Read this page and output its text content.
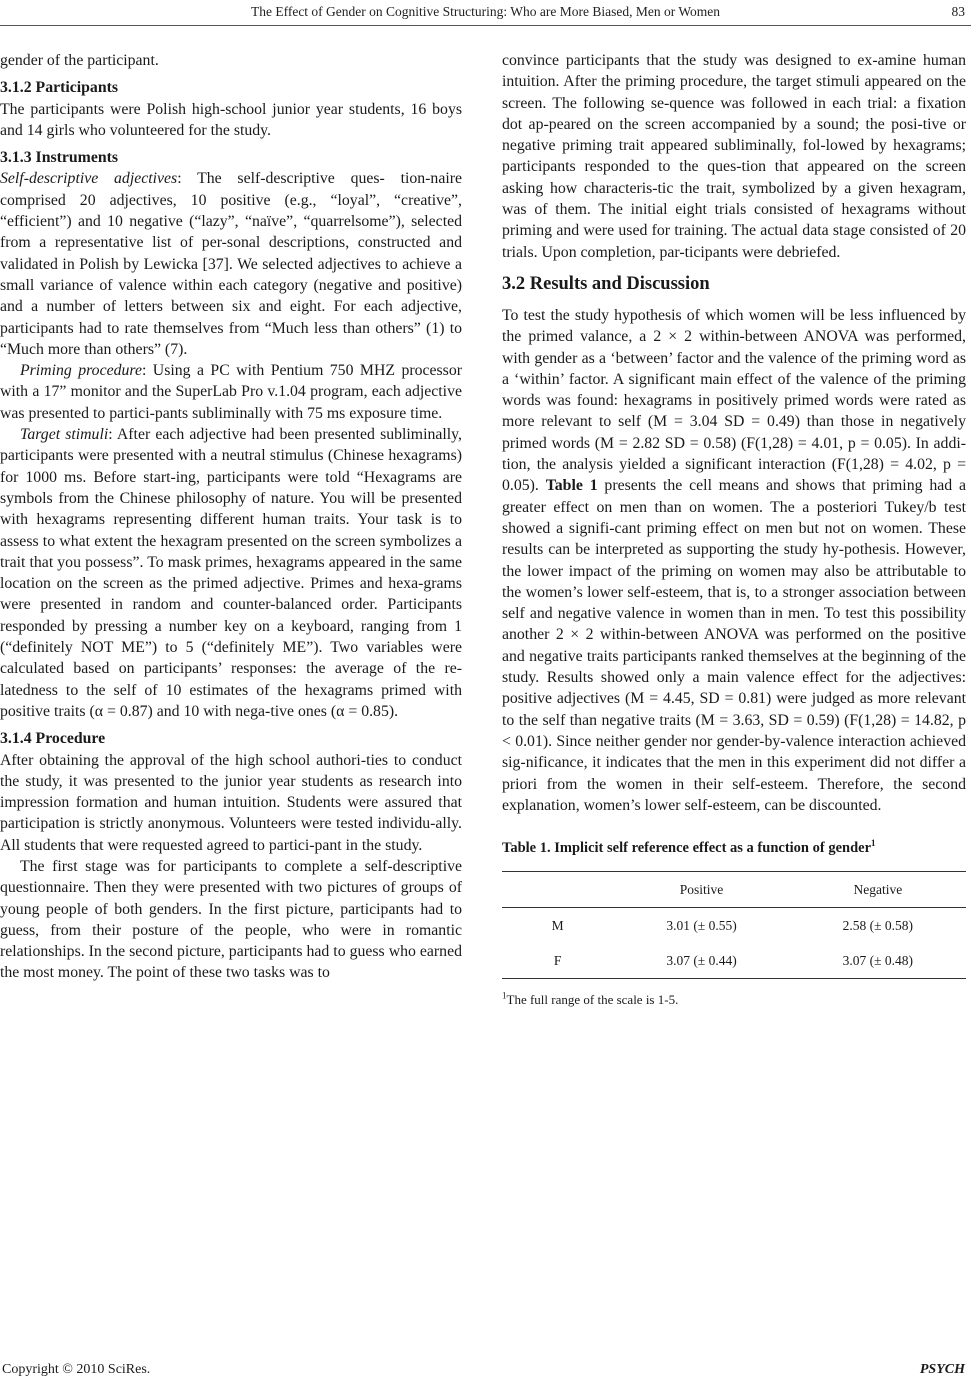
The Effect of Gender on Cognitive Structuring: Who are More Biased, Men or Women	83

gender of the participant.

3.1.2 Participants

The participants were Polish high-school junior year students, 16 boys and 14 girls who volunteered for the study.

3.1.3 Instruments

Self-descriptive adjectives: The self-descriptive ques- tion-naire comprised 20 adjectives, 10 positive (e.g., “loyal”, “creative”, “efficient”) and 10 negative (“lazy”, “naïve”, “quarrelsome”), selected from a representative list of per-sonal descriptions, constructed and validated in Polish by Lewicka [37]. We selected adjectives to achieve a small variance of valence within each category (negative and positive) and a number of letters between six and eight. For each adjective, participants had to rate themselves from “Much less than others” (1) to “Much more than others” (7).

Priming procedure: Using a PC with Pentium 750 MHZ processor with a 17” monitor and the SuperLab Pro v.1.04 program, each adjective was presented to partici-pants subliminally with 75 ms exposure time.

Target stimuli: After each adjective had been presented subliminally, participants were presented with a neutral stimulus (Chinese hexagrams) for 1000 ms. Before start-ing, participants were told “Hexagrams are symbols from the Chinese philosophy of nature. You will be presented with hexagrams representing different human traits. Your task is to assess to what extent the hexagram presented on the screen symbolizes a trait that you possess”. To mask primes, hexagrams appeared in the same location on the screen as the primed adjective. Primes and hexa-grams were presented in random and counter-balanced order. Participants responded by pressing a number key on a keyboard, ranging from 1 (“definitely NOT ME”) to 5 (“definitely ME”). Two variables were calculated based on participants’ responses: the average of the re-latedness to the self of 10 estimates of the hexagrams primed with positive traits (α = 0.87) and 10 with nega-tive ones (α = 0.85).

3.1.4 Procedure

After obtaining the approval of the high school authori-ties to conduct the study, it was presented to the junior year students as research into impression formation and human intuition. Students were assured that participation is strictly anonymous. Volunteers were tested individu-ally. All students that were requested agreed to partici-pant in the study.

The first stage was for participants to complete a self-descriptive questionnaire. Then they were presented with two pictures of groups of young people of both genders. In the first picture, participants had to guess, from their posture of the people, who were in romantic relationships. In the second picture, participants had to guess who earned the most money. The point of these two tasks was to

convince participants that the study was designed to ex-amine human intuition. After the priming procedure, the target stimuli appeared on the screen. The following se-quence was followed in each trial: a fixation dot ap-peared on the screen accompanied by a sound; the posi-tive or negative priming trait appeared subliminally, fol-lowed by hexagrams; participants responded to the ques-tion that appeared on the screen asking how characteris-tic the trait, symbolized by a given hexagram, was of them. The initial eight trials consisted of hexagrams without priming and were used for training. The actual data stage consisted of 20 trials. Upon completion, par-ticipants were debriefed.

3.2 Results and Discussion

To test the study hypothesis of which women will be less influenced by the primed valance, a 2 × 2 within-between ANOVA was performed, with gender as a ‘between’ factor and the valence of the priming word as a ‘within’ factor. A significant main effect of the valence of the priming words was found: hexagrams in positively primed words were rated as more relevant to self (M = 3.04 SD = 0.49) than those in negatively primed words (M = 2.82 SD = 0.58) (F(1,28) = 4.01, p = 0.05). In addi-tion, the analysis yielded a significant interaction (F(1,28) = 4.02, p = 0.05). Table 1 presents the cell means and shows that priming had a greater effect on men than on women. The a posteriori Tukey/b test showed a signifi-cant priming effect on men but not on women. These results can be interpreted as supporting the study hy-pothesis. However, the lower impact of the priming on women may also be attributable to the women’s lower self-esteem, that is, to a stronger association between self and negative valence in women than in men. To test this possibility another 2 × 2 within-between ANOVA was performed on the positive and negative traits participants ranked themselves at the beginning of the study. Results showed only a main valence effect for the adjectives: positive adjectives (M = 4.45, SD = 0.81) were judged as more relevant to the self than negative traits (M = 3.63, SD = 0.59) (F(1,28) = 14.82, p < 0.01). Since neither gender nor gender-by-valence interaction achieved sig-nificance, it indicates that the men in this experiment did not differ a priori from the women in their self-esteem. Therefore, the second explanation, women’s lower self-esteem, can be discounted.

Table 1. Implicit self reference effect as a function of gender$^1$
	Positive	Negative
M	3.01 (± 0.55)	2.58 (± 0.58)
F	3.07 (± 0.44)	3.07 (± 0.48)
$^1$The full range of the scale is 1-5.
Copyright © 2010 SciRes.	PSYCH
